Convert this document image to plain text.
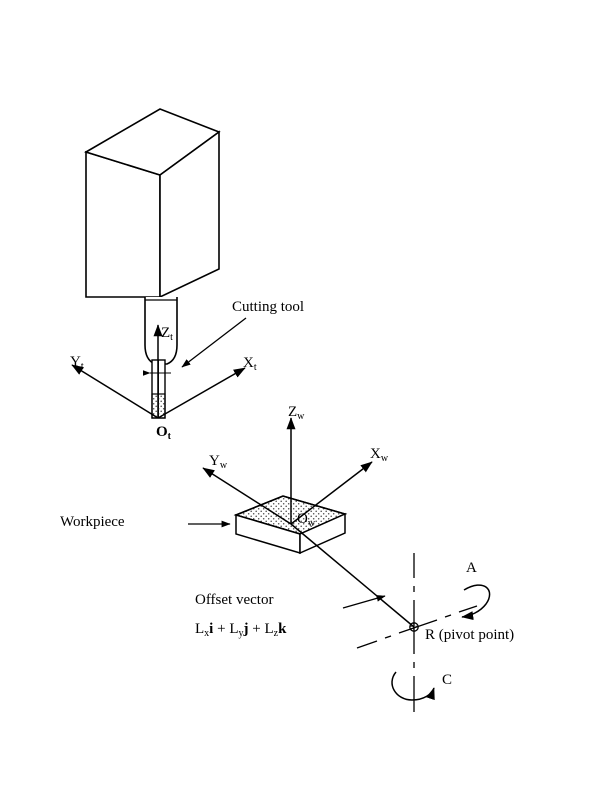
Cutting tool
$Z_t$
$X_t$
$Y_t$
$O_t$
$Z_w$
$X_w$
$Y_w$
$O_w$
Workpiece
Offset vector
$L_xi + L_yj + L_zk$	R (pivot point)
A
C
